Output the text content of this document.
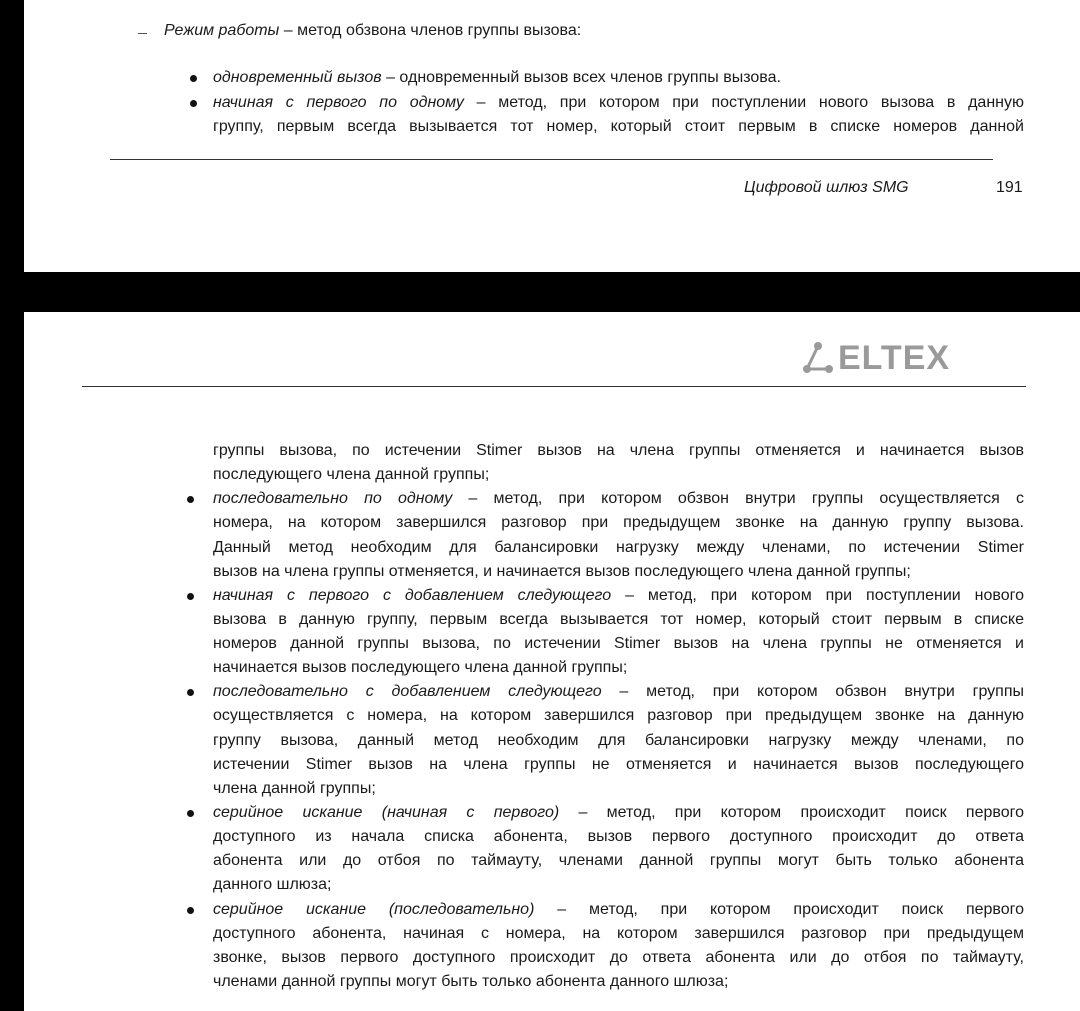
Режим работы – метод обзвона членов группы вызова:
одновременный вызов – одновременный вызов всех членов группы вызова.
начиная с первого по одному – метод, при котором при поступлении нового вызова в данную
группу, первым всегда вызывается тот номер, который стоит первым в списке номеров данной
Цифровой шлюз SMG	191
ELTEX
группы вызова, по истечении Stimer вызов на члена группы отменяется и начинается вызов
последующего члена данной группы;
последовательно по одному – метод, при котором обзвон внутри группы осуществляется с
номера, на котором завершился разговор при предыдущем звонке на данную группу вызова.
Данный метод необходим для балансировки нагрузку между членами, по истечении Stimer
вызов на члена группы отменяется, и начинается вызов последующего члена данной группы;
начиная с первого с добавлением следующего – метод, при котором при поступлении нового
вызова в данную группу, первым всегда вызывается тот номер, который стоит первым в списке
номеров данной группы вызова, по истечении Stimer вызов на члена группы не отменяется и
начинается вызов последующего члена данной группы;
последовательно с добавлением следующего – метод, при котором обзвон внутри группы
осуществляется с номера, на котором завершился разговор при предыдущем звонке на данную
группу вызова, данный метод необходим для балансировки нагрузку между членами, по
истечении Stimer вызов на члена группы не отменяется и начинается вызов последующего
члена данной группы;
серийное искание (начиная с первого) – метод, при котором происходит поиск первого
доступного из начала списка абонента, вызов первого доступного происходит до ответа
абонента или до отбоя по таймауту, членами данной группы могут быть только абонента
данного шлюза;
серийное искание (последовательно) – метод, при котором происходит поиск первого
доступного абонента, начиная с номера, на котором завершился разговор при предыдущем
звонке, вызов первого доступного происходит до ответа абонента или до отбоя по таймауту,
членами данной группы могут быть только абонента данного шлюза;
